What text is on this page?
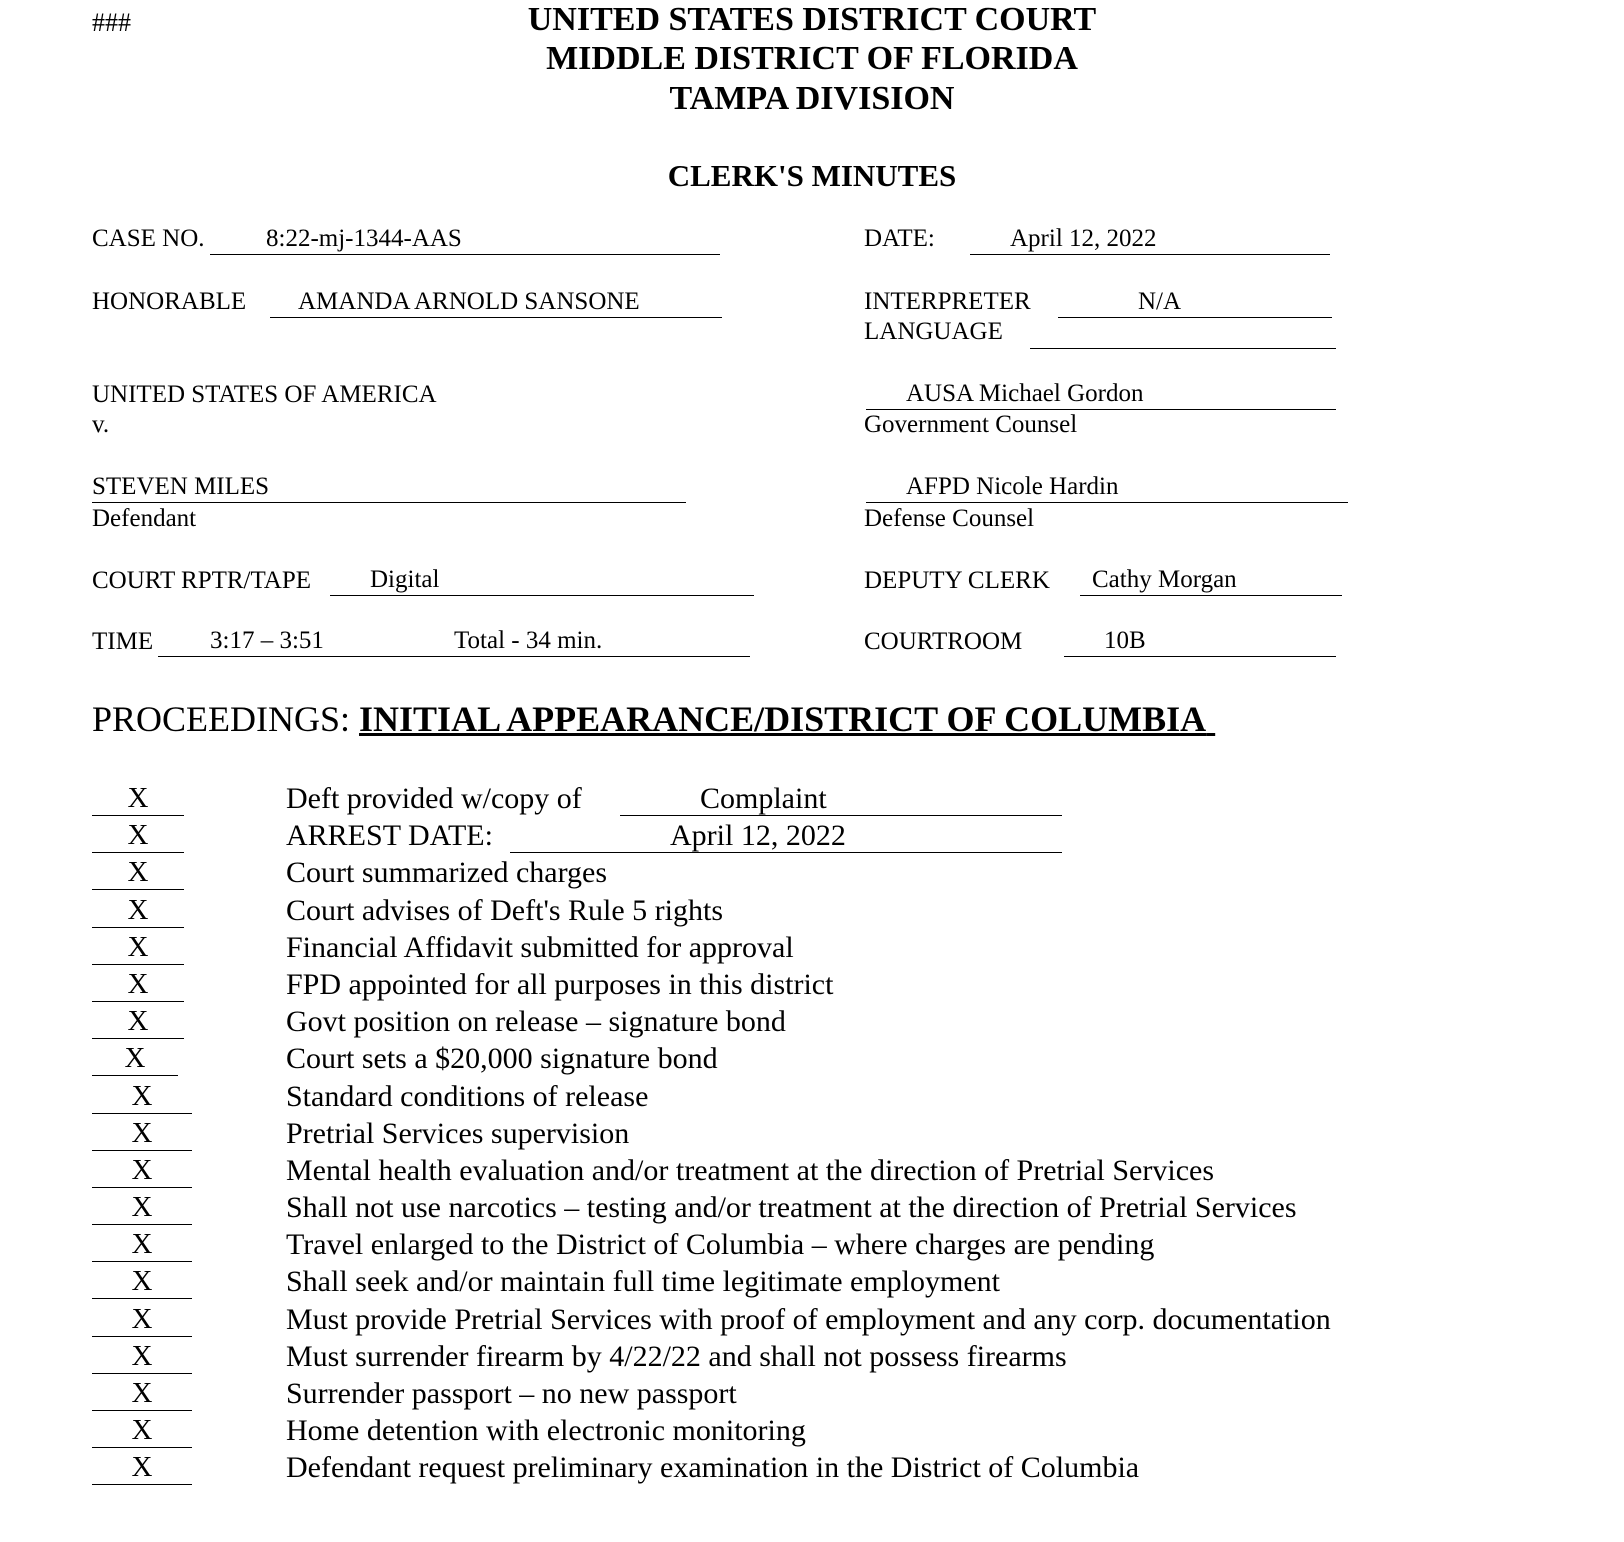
###	UNITED STATES DISTRICT COURT
MIDDLE DISTRICT OF FLORIDA
TAMPA DIVISION
CLERK'S MINUTES
CASE NO. 8:22-mj-1344-AAS	DATE:	April 12, 2022
HONORABLE AMANDA ARNOLD SANSONE	INTERPRETER	N/A
LANGUAGE
UNITED STATES OF AMERICA
v.
AUSA Michael Gordon
Government Counsel
STEVEN MILES
Defendant
AFPD Nicole Hardin
Defense Counsel
COURT RPTR/TAPE Digital	DEPUTY CLERK Cathy Morgan
TIME 3:17 – 3:51	Total - 34 min.	COURTROOM	10B
PROCEEDINGS: INITIAL APPEARANCE/DISTRICT OF COLUMBIA
X	Deft provided w/copy of	Complaint
X	ARREST DATE:	April 12, 2022
X	Court summarized charges
X	Court advises of Deft's Rule 5 rights
X	Financial Affidavit submitted for approval
X	FPD appointed for all purposes in this district
X	Govt position on release – signature bond
X	Court sets a $20,000 signature bond
X	Standard conditions of release
X	Pretrial Services supervision
X	Mental health evaluation and/or treatment at the direction of Pretrial Services
X	Shall not use narcotics – testing and/or treatment at the direction of Pretrial Services
X	Travel enlarged to the District of Columbia – where charges are pending
X	Shall seek and/or maintain full time legitimate employment
X	Must provide Pretrial Services with proof of employment and any corp. documentation
X	Must surrender firearm by 4/22/22 and shall not possess firearms
X	Surrender passport – no new passport
X	Home detention with electronic monitoring
X	Defendant request preliminary examination in the District of Columbia
